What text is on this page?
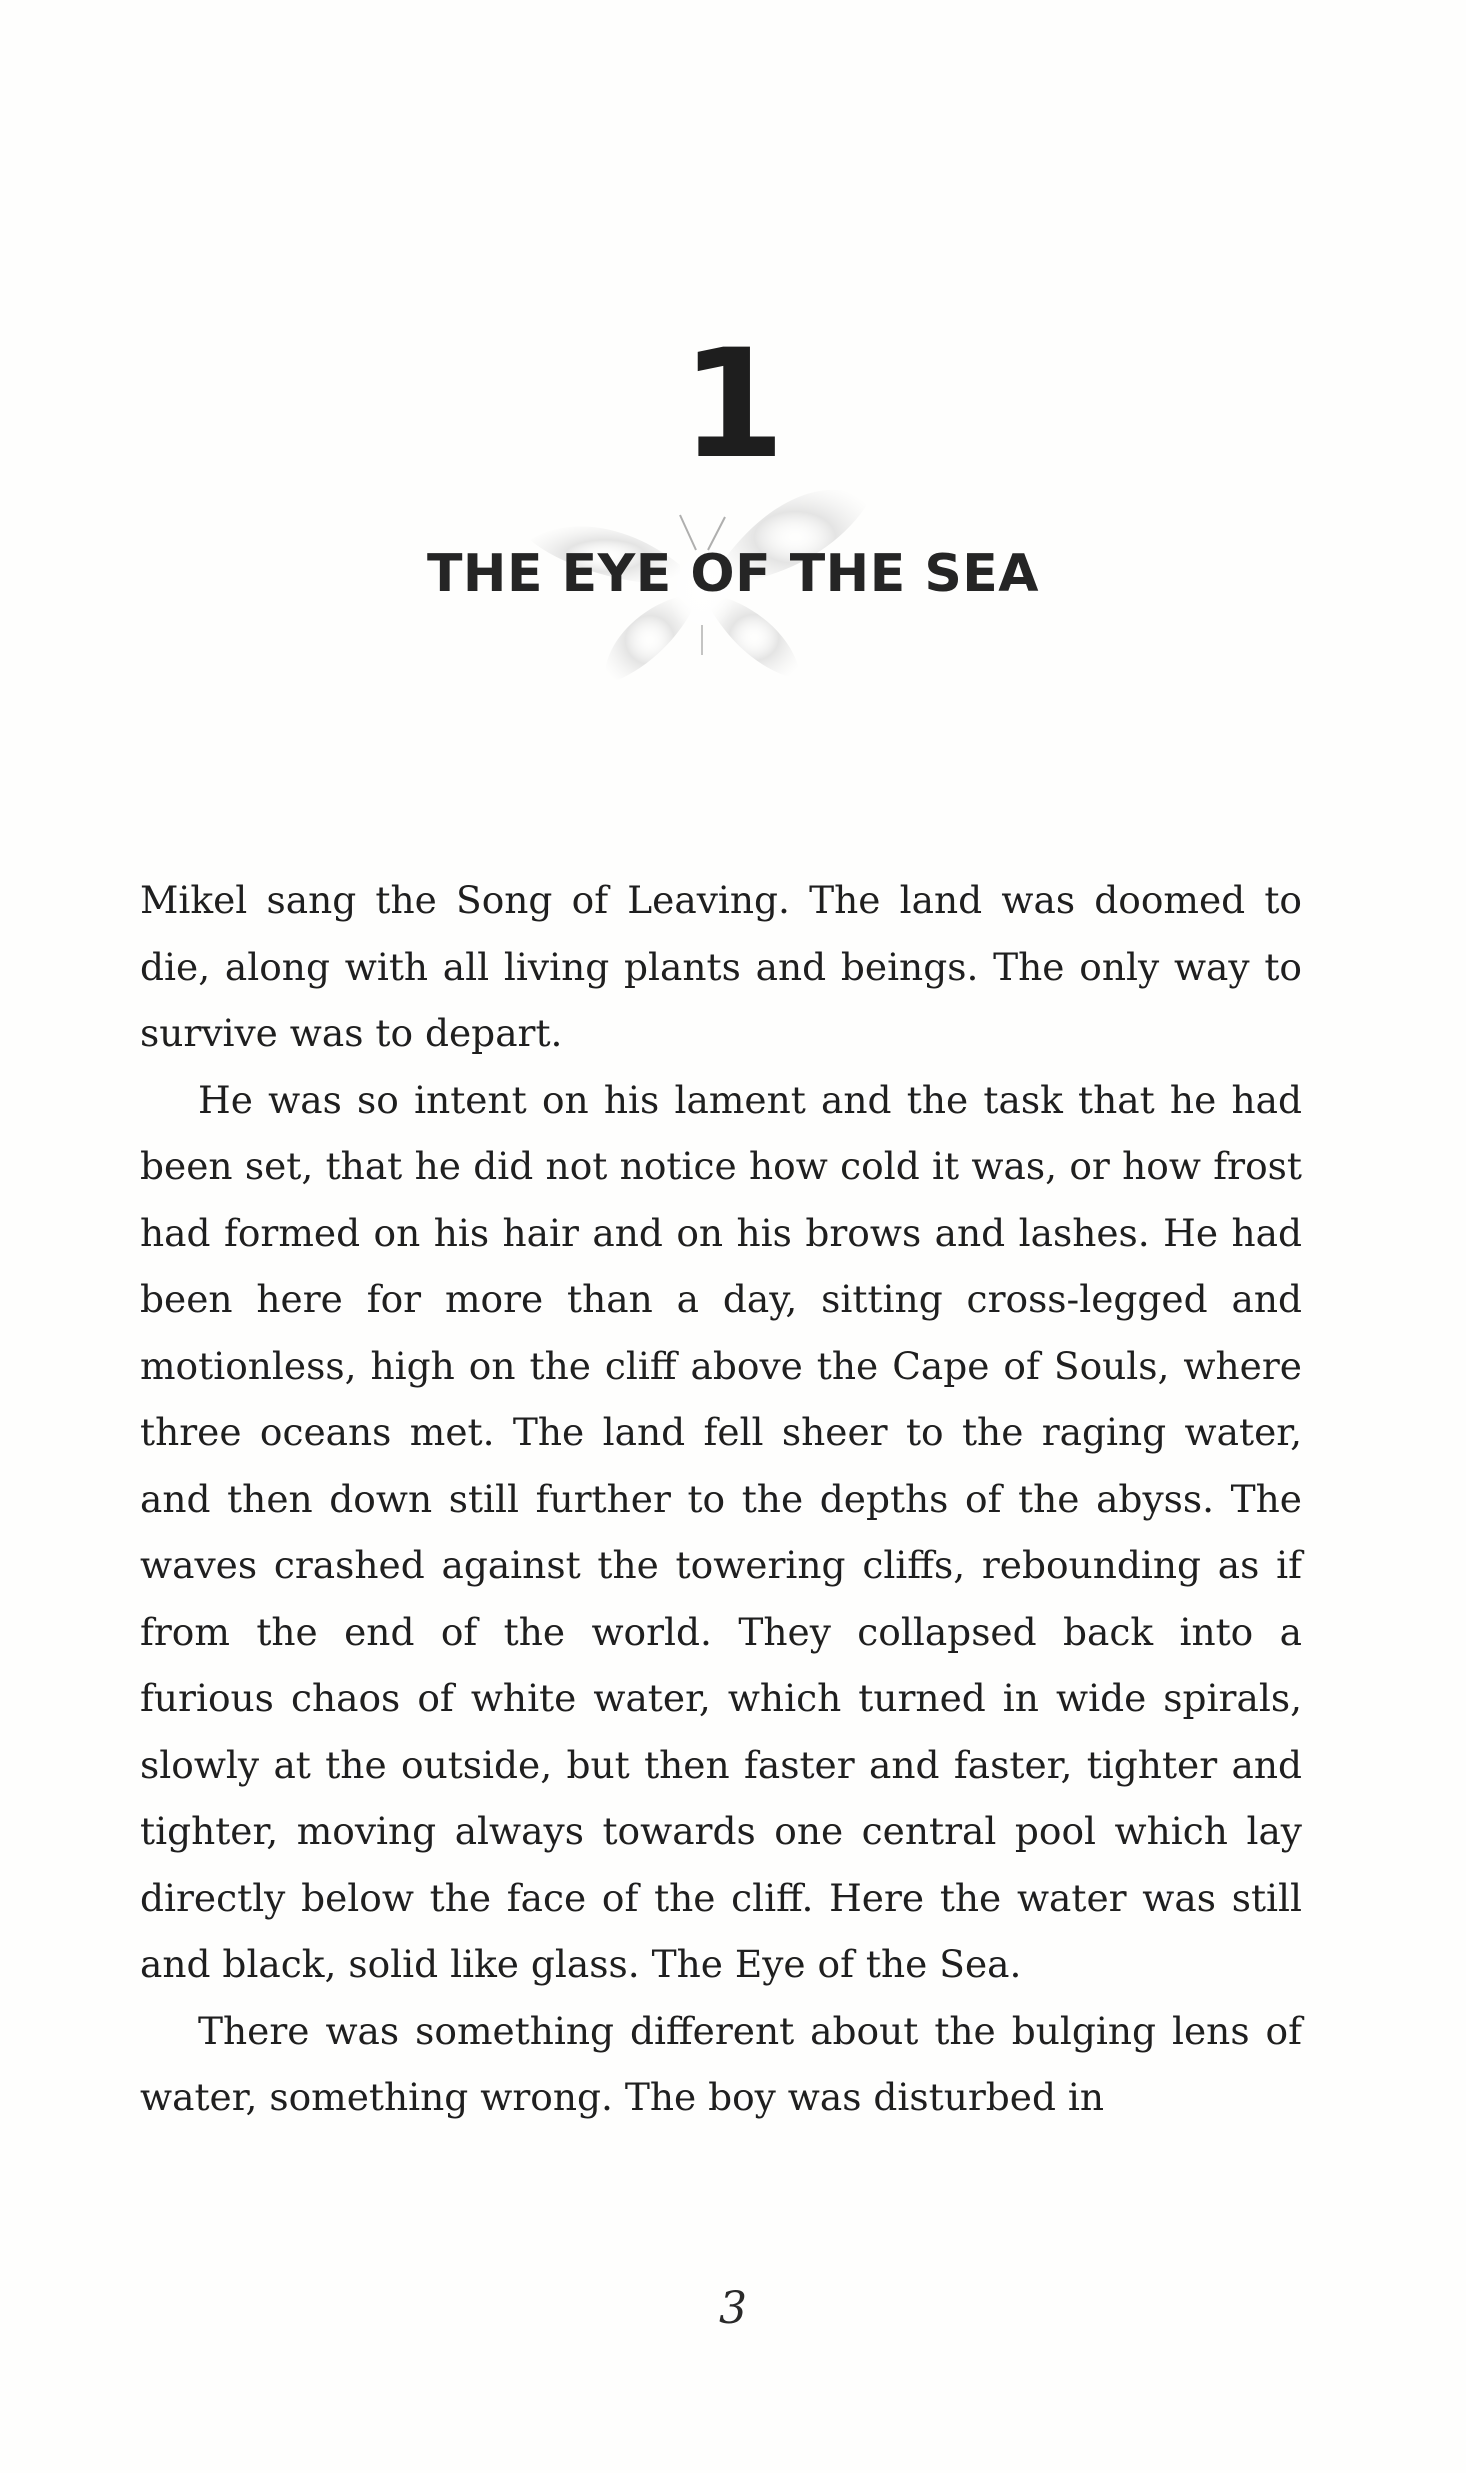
1
THE EYE OF THE SEA

Mikel sang the Song of Leaving. The land was doomed to die, along with all living plants and beings. The only way to survive was to depart.

He was so intent on his lament and the task that he had been set, that he did not notice how cold it was, or how frost had formed on his hair and on his brows and lashes. He had been here for more than a day, sitting cross-legged and motionless, high on the cliff above the Cape of Souls, where three oceans met. The land fell sheer to the raging water, and then down still further to the depths of the abyss. The waves crashed against the towering cliffs, rebounding as if from the end of the world. They collapsed back into a furious chaos of white water, which turned in wide spirals, slowly at the outside, but then faster and faster, tighter and tighter, moving always towards one central pool which lay directly below the face of the cliff. Here the water was still and black, solid like glass. The Eye of the Sea.

There was something different about the bulging lens of water, something wrong. The boy was disturbed in

3
